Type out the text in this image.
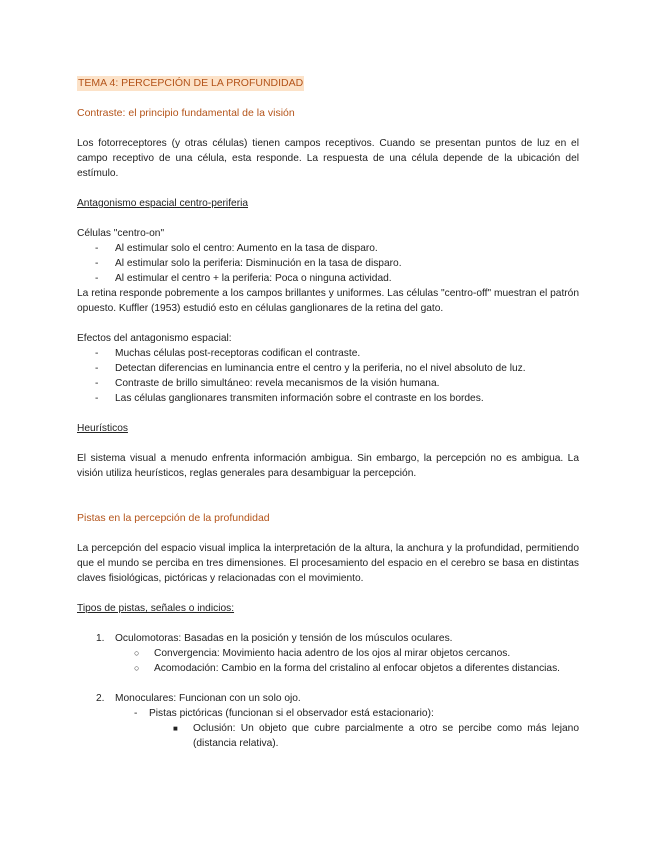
TEMA 4: PERCEPCIÓN DE LA PROFUNDIDAD
Contraste: el principio fundamental de la visión

Los fotorreceptores (y otras células) tienen campos receptivos. Cuando se presentan puntos de luz en el campo receptivo de una célula, esta responde. La respuesta de una célula depende de la ubicación del estímulo.

Antagonismo espacial centro-periferia

Células "centro-on"

- Al estimular solo el centro: Aumento en la tasa de disparo.
- Al estimular solo la periferia: Disminución en la tasa de disparo.
- Al estimular el centro + la periferia: Poca o ninguna actividad.

La retina responde pobremente a los campos brillantes y uniformes. Las células "centro-off" muestran el patrón opuesto. Kuffler (1953) estudió esto en células ganglionares de la retina del gato.

Efectos del antagonismo espacial:

- Muchas células post-receptoras codifican el contraste.
- Detectan diferencias en luminancia entre el centro y la periferia, no el nivel absoluto de luz.
- Contraste de brillo simultáneo: revela mecanismos de la visión humana.
- Las células ganglionares transmiten información sobre el contraste en los bordes.
Heurísticos

El sistema visual a menudo enfrenta información ambigua. Sin embargo, la percepción no es ambigua. La visión utiliza heurísticos, reglas generales para desambiguar la percepción.

Pistas en la percepción de la profundidad

La percepción del espacio visual implica la interpretación de la altura, la anchura y la profundidad, permitiendo que el mundo se perciba en tres dimensiones. El procesamiento del espacio en el cerebro se basa en distintas claves fisiológicas, pictóricas y relacionadas con el movimiento.

Tipos de pistas, señales o indicios:
1. Oculomotoras: Basadas en la posición y tensión de los músculos oculares.
○ Convergencia: Movimiento hacia adentro de los ojos al mirar objetos cercanos.
○ Acomodación: Cambio en la forma del cristalino al enfocar objetos a diferentes distancias.
2. Monoculares: Funcionan con un solo ojo.
- Pistas pictóricas (funcionan si el observador está estacionario):
■ Oclusión: Un objeto que cubre parcialmente a otro se percibe como más lejano (distancia relativa).
